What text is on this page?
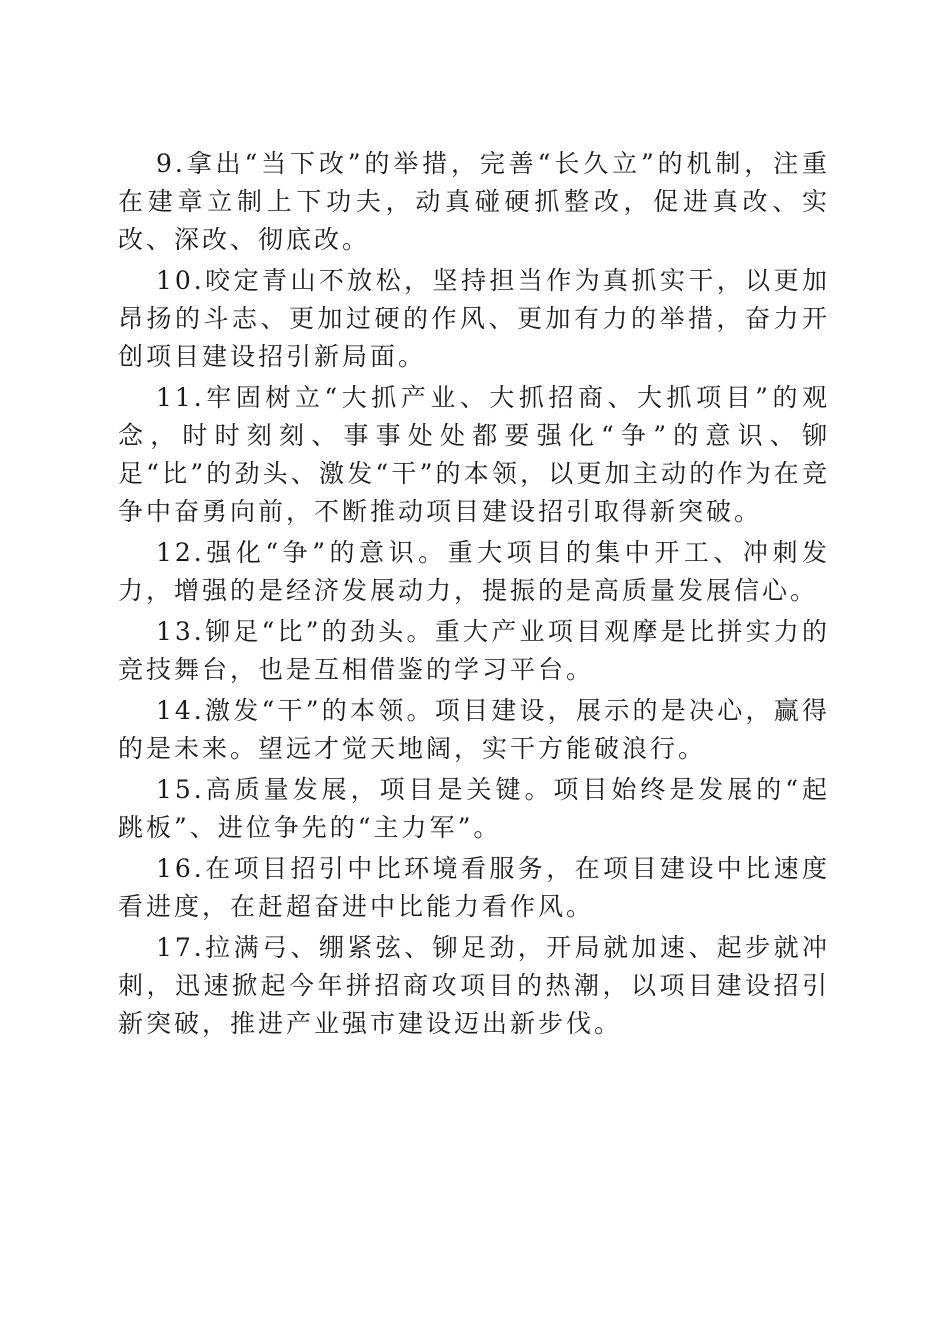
9.拿出“当下改”的举措，完善“长久立”的机制，注重在建章立制上下功夫，动真碰硬抓整改，促进真改、实改、深改、彻底改。

10.咬定青山不放松，坚持担当作为真抓实干，以更加昂扬的斗志、更加过硬的作风、更加有力的举措，奋力开创项目建设招引新局面。

11.牢固树立“大抓产业、大抓招商、大抓项目”的观念，时时刻刻、事事处处都要强化“争”的意识、铆足“比”的劲头、激发“干”的本领，以更加主动的作为在竞争中奋勇向前，不断推动项目建设招引取得新突破。

12.强化“争”的意识。重大项目的集中开工、冲刺发力，增强的是经济发展动力，提振的是高质量发展信心。

13.铆足“比”的劲头。重大产业项目观摩是比拼实力的竞技舞台，也是互相借鉴的学习平台。

14.激发“干”的本领。项目建设，展示的是决心，赢得的是未来。望远才觉天地阔，实干方能破浪行。

15.高质量发展，项目是关键。项目始终是发展的“起跳板”、进位争先的“主力军”。

16.在项目招引中比环境看服务，在项目建设中比速度看进度，在赶超奋进中比能力看作风。

17.拉满弓、绷紧弦、铆足劲，开局就加速、起步就冲刺，迅速掀起今年拼招商攻项目的热潮，以项目建设招引新突破，推进产业强市建设迈出新步伐。
